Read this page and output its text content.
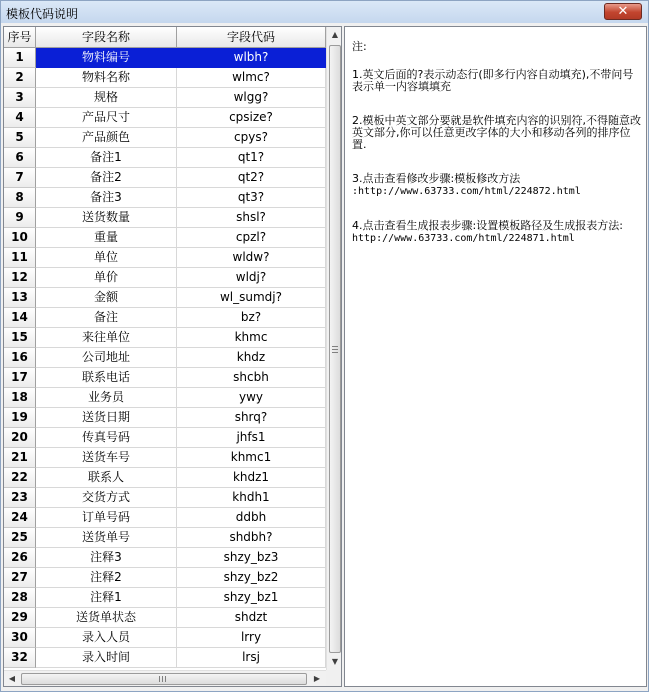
模板代码说明	✕
序号	字段名称	字段代码
1	物料编号	wlbh?
2	物料名称	wlmc?
3	规格	wlgg?
4	产品尺寸	cpsize?
5	产品颜色	cpys?
6	备注1	qt1?
7	备注2	qt2?
8	备注3	qt3?
9	送货数量	shsl?
10	重量	cpzl?
11	单位	wldw?
12	单价	wldj?
13	金额	wl_sumdj?
14	备注	bz?
15	来往单位	khmc
16	公司地址	khdz
17	联系电话	shcbh
18	业务员	ywy
19	送货日期	shrq?
20	传真号码	jhfs1
21	送货车号	khmc1
22	联系人	khdz1
23	交货方式	khdh1
24	订单号码	ddbh
25	送货单号	shdbh?
26	注释3	shzy_bz3
27	注释2	shzy_bz2
28	注释1	shzy_bz1
29	送货单状态	shdzt
30	录入人员	lrry
32	录入时间	lrsj
▲
▼
◀	▶

注:

1.英文后面的?表示动态行(即多行内容自动填充),不带问号表示单一内容填填充

2.模板中英文部分要就是软件填充内容的识别符,不得随意改英文部分,你可以任意更改字体的大小和移动各列的排序位置.

3.点击查看修改步骤:模板修改方法
:http://www.63733.com/html/224872.html

4.点击查看生成报表步骤:设置模板路径及生成报表方法: http://www.63733.com/html/224871.html
